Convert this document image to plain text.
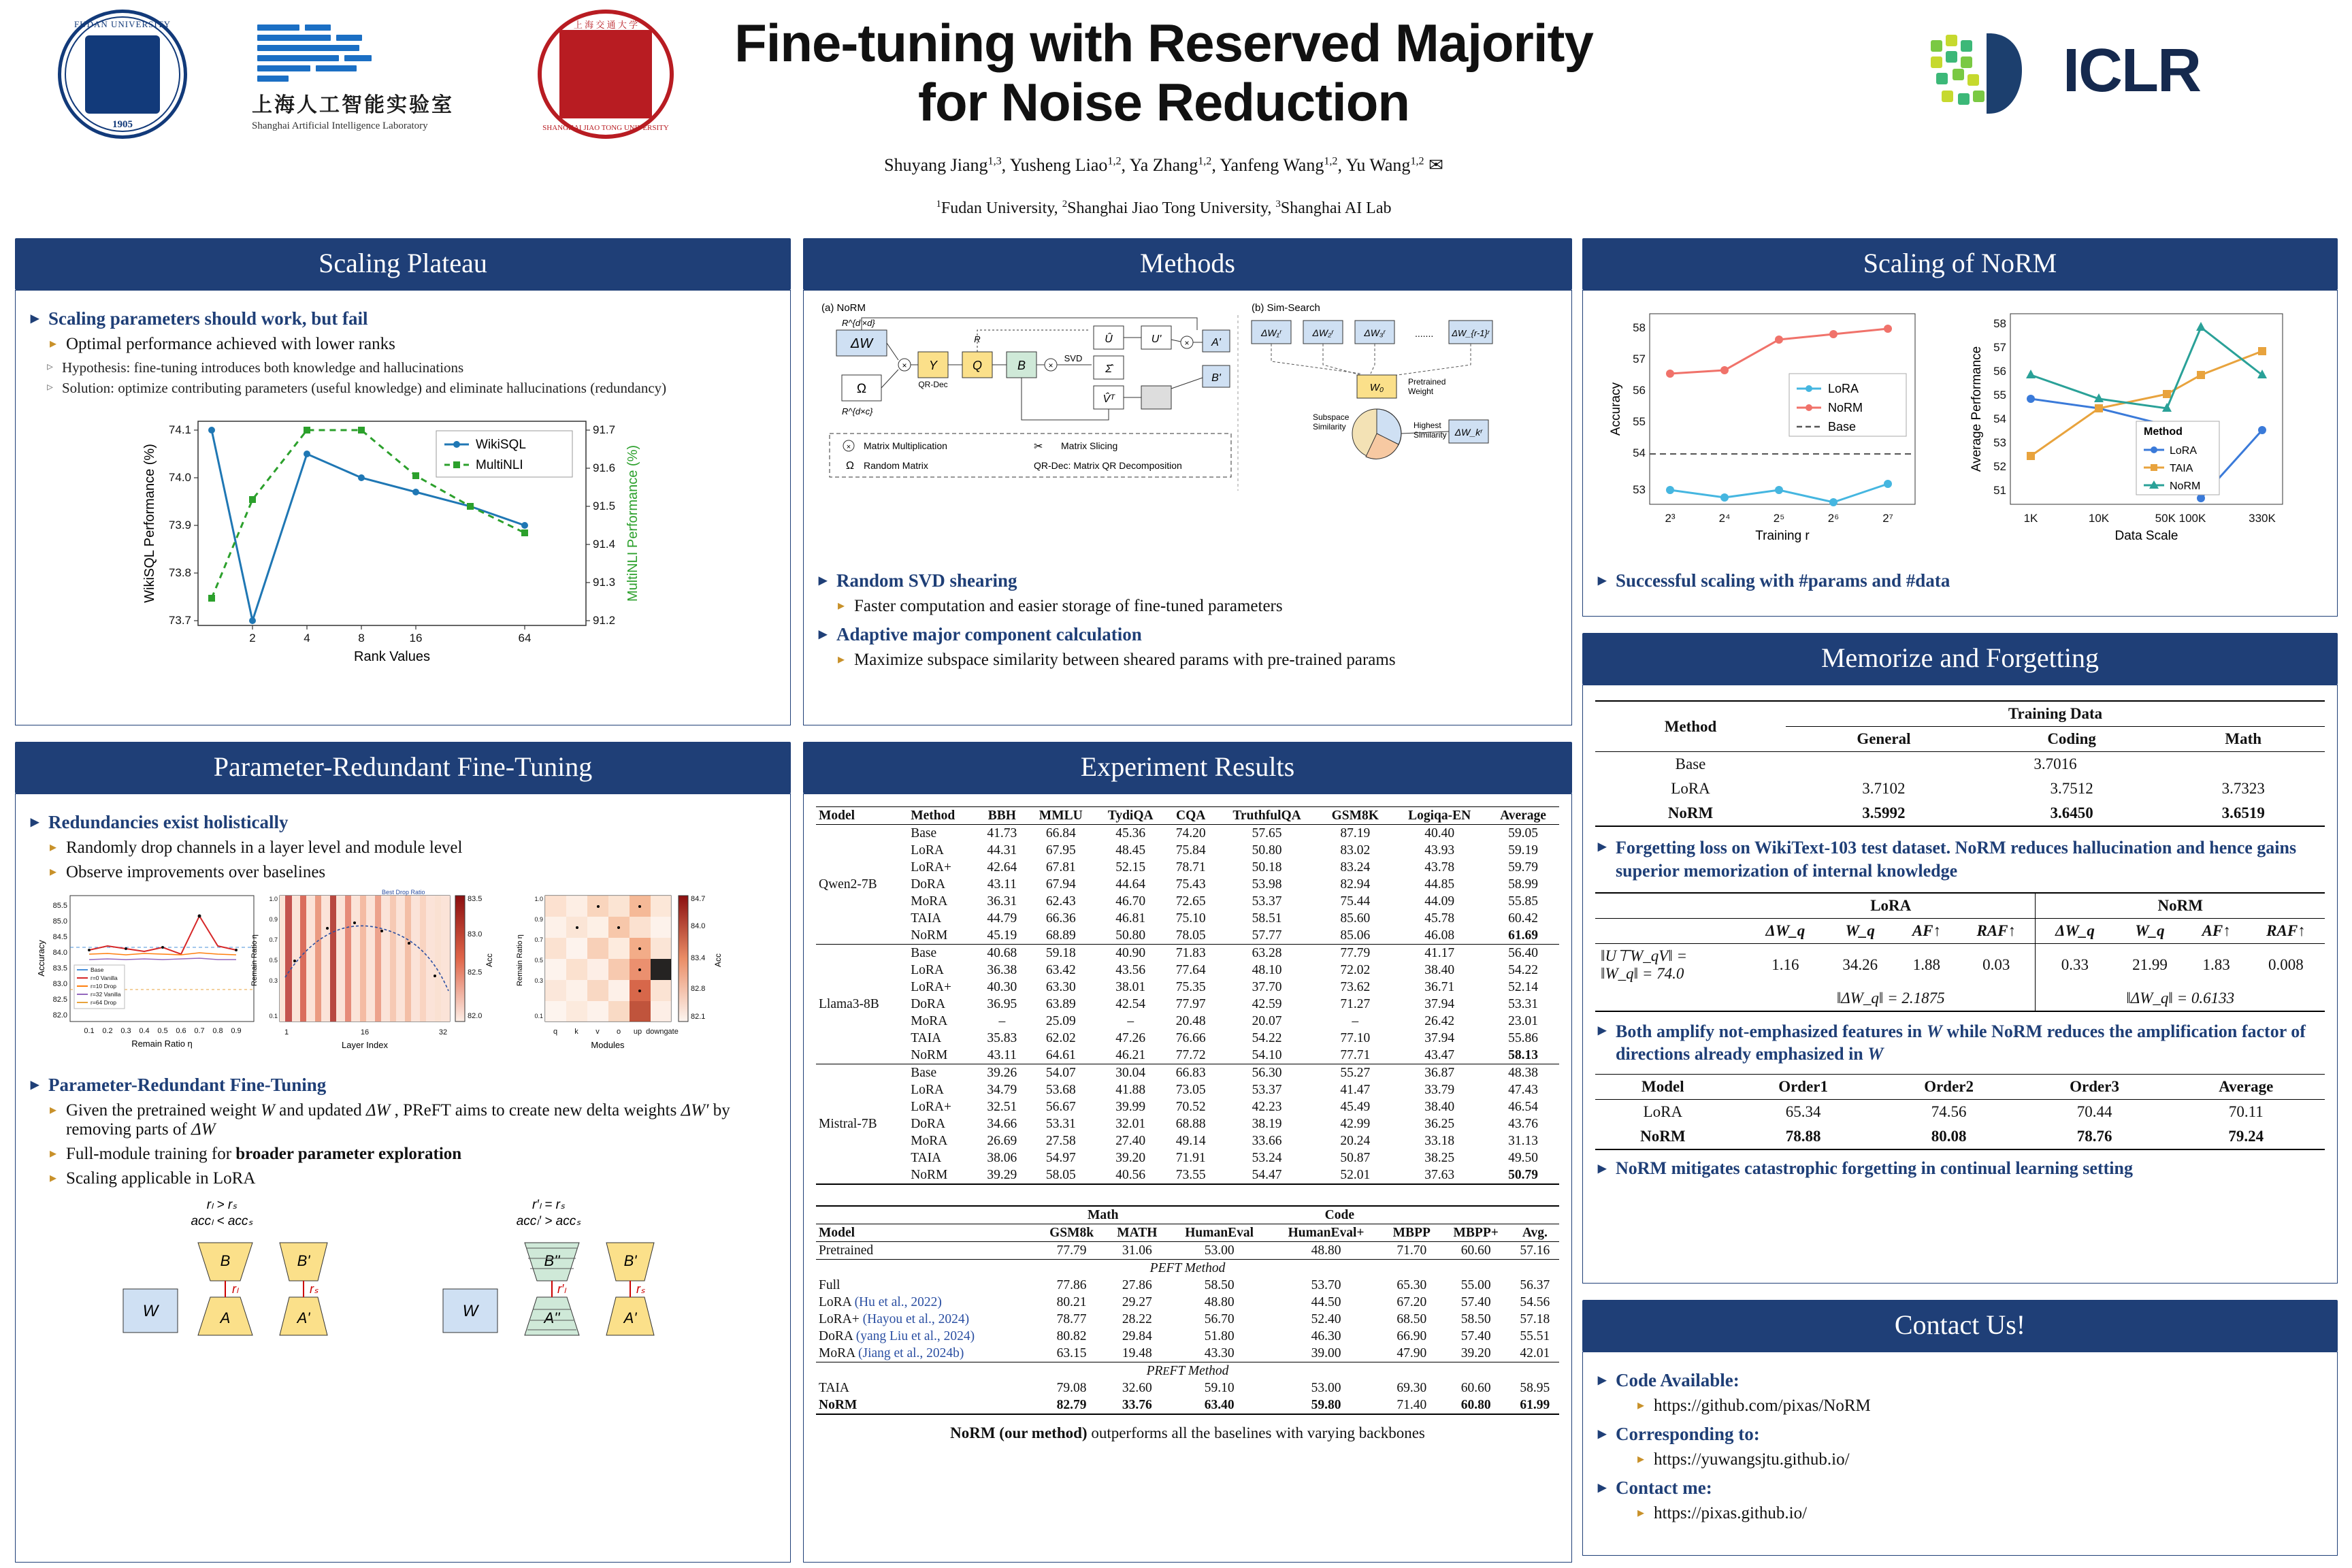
FUDAN UNIVERSITY
1905
上海人工智能实验室
Shanghai Artificial Intelligence Laboratory
上 海 交 通 大 学
SHANGHAI JIAO TONG UNIVERSITY
Fine-tuning with Reserved Majority
for Noise Reduction
Shuyang Jiang$^{1,3}$, Yusheng Liao$^{1,2}$, Ya Zhang$^{1,2}$, Yanfeng Wang$^{1,2}$, Yu Wang$^{1,2}$ ✉
$^1$Fudan University, $^2$Shanghai Jiao Tong University, $^3$Shanghai AI Lab
ICLR
Scaling Plateau
▸ Scaling parameters should work, but fail
▸ Optimal performance achieved with lower ranks
▹ Hypothesis: fine-tuning introduces both knowledge and hallucinations
▹ Solution: optimize contributing parameters (useful knowledge) and eliminate hallucinations (redundancy)
73.7
73.8
73.9
74.0
74.1
91.2
91.3
91.4
91.5
91.6
91.7
2	4	8	16	64
Rank Values
WikiSQL Performance (%)	MultiNLI Performance (%)
WikiSQL
MultiNLI
Parameter-Redundant Fine-Tuning
▸ Redundancies exist holistically
▸ Randomly drop channels in a layer level and module level
▸ Observe improvements over baselines
85.5
85.0
84.5
84.0
83.5
83.0
82.5
82.0
0.1 0.2 0.3 0.4 0.5 0.6 0.7 0.8 0.9
Remain Ratio η
Accuracy	Base
r=0 Vanilla
r=10 Drop
r=32 Vanilla
r=64 Drop
Best Drop Ratio
1.0
0.9
0.7
0.5
0.3
0.1
Remain Ratio η
1	16	32
Layer Index
83.5
83.0
82.5
82.0
Acc
1.0
0.9
0.7
0.5
0.3
0.1
Remain Ratio η
q k v o up downgate
Modules
84.7
84.0
83.4
82.8
82.1
Acc
▸ Parameter-Redundant Fine-Tuning
▸ Given the pretrained weight W and updated ΔW , PReFT aims to create new delta weights ΔW′ by removing parts of ΔW
▸ Full-module training for broader parameter exploration
▸ Scaling applicable in LoRA
rₗ > rₛ
accₗ < accₛ
W
B
A
rₗ
B'
A'
rₛ
r′ₗ = rₛ
accₗ′ > accₛ
W
B''
A''
r′ₗ
B'
A'
rₛ
Methods
(a) NoRM	(b) Sim-Search
R^{d'×d}
ΔW
Ω
R^{d×c}
× Y
QR-Dec
Q
R
B	×
SVD
Û
Σ̂
V̂ᵀ
U'	× A'
B'
× Matrix Multiplication	✂ Matrix Slicing
Ω Random Matrix	QR-Dec: Matrix QR Decomposition
ΔW₁ʳ	ΔW₂ʳ	ΔW₃ʳ	....... ΔW_{r-1}ʳ
W₀	Pretrained
Weight
Subspace
Similarity	Highest
Similarity ΔW_kʳ
▸ Random SVD shearing
▸ Faster computation and easier storage of fine-tuned parameters
▸ Adaptive major component calculation
▸ Maximize subspace similarity between sheared params with pre-trained params
Experiment Results
Model	Method	BBH	MMLU	TydiQA	CQA	TruthfulQA	GSM8K	Logiqa-EN	Average
Qwen2-7B	Base	41.73	66.84	45.36	74.20	57.65	87.19	40.40	59.05
	LoRA	44.31	67.95	48.45	75.84	50.80	83.02	43.93	59.19
	LoRA+	42.64	67.81	52.15	78.71	50.18	83.24	43.78	59.79
	DoRA	43.11	67.94	44.64	75.43	53.98	82.94	44.85	58.99
	MoRA	36.31	62.43	46.70	72.65	53.37	75.44	44.09	55.85
	TAIA	44.79	66.36	46.81	75.10	58.51	85.60	45.78	60.42
	NoRM	45.19	68.89	50.80	78.05	57.77	85.06	46.08	61.69
Llama3-8B	Base	40.68	59.18	40.90	71.83	63.28	77.79	41.17	56.40
	LoRA	36.38	63.42	43.56	77.64	48.10	72.02	38.40	54.22
	LoRA+	40.30	63.30	38.01	75.35	37.70	73.62	36.71	52.14
	DoRA	36.95	63.89	42.54	77.97	42.59	71.27	37.94	53.31
	MoRA	–	25.09	–	20.48	20.07	–	26.42	23.01
	TAIA	35.83	62.02	47.26	76.66	54.22	77.10	37.94	55.86
	NoRM	43.11	64.61	46.21	77.72	54.10	77.71	43.47	58.13
Mistral-7B	Base	39.26	54.07	30.04	66.83	56.30	55.27	36.87	48.38
	LoRA	34.79	53.68	41.88	73.05	53.37	41.47	33.79	47.43
	LoRA+	32.51	56.67	39.99	70.52	42.23	45.49	38.40	46.54
	DoRA	34.66	53.31	32.01	68.88	38.19	42.99	36.25	43.76
	MoRA	26.69	27.58	27.40	49.14	33.66	20.24	33.18	31.13
	TAIA	38.06	54.97	39.20	71.91	53.24	50.87	38.25	49.50
	NoRM	39.29	58.05	40.56	73.55	54.47	52.01	37.63	50.79
	Math		Code				
Model	GSM8k	MATH	HumanEval	HumanEval+	MBPP	MBPP+	Avg.
Pretrained	77.79	31.06	53.00	48.80	71.70	60.60	57.16
PEFT Method							
Full	77.86	27.86	58.50	53.70	65.30	55.00	56.37
LoRA (Hu et al., 2022)	80.21	29.27	48.80	44.50	67.20	57.40	54.56
LoRA+ (Hayou et al., 2024)	78.77	28.22	56.70	52.40	68.50	58.50	57.18
DoRA (yang Liu et al., 2024)	80.82	29.84	51.80	46.30	66.90	57.40	55.51
MoRA (Jiang et al., 2024b)	63.15	19.48	43.30	39.00	47.90	39.20	42.01
PREFT Method							
TAIA	79.08	32.60	59.10	53.00	69.30	60.60	58.95
NoRM	82.79	33.76	63.40	59.80	71.40	60.80	61.99
NoRM (our method) outperforms all the baselines with varying backbones
Scaling of NoRM
58
57
56
55
54
53
Accuracy
2³	2⁴	2⁵	2⁶	2⁷
Training r
LoRA
NoRM
Base
58
57
56
55
54
53
52
51
Average Performance
1K	10K	50K 100K	330K
Data Scale
Method
LoRA
TAIA
NoRM
▸ Successful scaling with #params and #data
Memorize and Forgetting
Method	Training Data		
	General	Coding	Math
Base	3.7016		
LoRA	3.7102	3.7512	3.7323
NoRM	3.5992	3.6450	3.6519
▸ Forgetting loss on WikiText-103 test dataset. NoRM reduces hallucination and hence gains superior memorization of internal knowledge
	LoRA				NoRM			
	ΔW_q	W_q	AF↑	RAF↑	ΔW_q	W_q	AF↑	RAF↑
‖U⊤W_qV‖ =
‖W_q‖ = 74.0	1.16	34.26	1.88	0.03	0.33	21.99	1.83	0.008
	‖ΔW_q‖ = 2.1875				‖ΔW_q‖ = 0.6133			
▸ Both amplify not-emphasized features in W while NoRM reduces the amplification factor of directions already emphasized in W
Model	Order1	Order2	Order3	Average
LoRA	65.34	74.56	70.44	70.11
NoRM	78.88	80.08	78.76	79.24
▸ NoRM mitigates catastrophic forgetting in continual learning setting
Contact Us!
▸ Code Available:
▸ https://github.com/pixas/NoRM
▸ Corresponding to:
▸ https://yuwangsjtu.github.io/
▸ Contact me:
▸ https://pixas.github.io/
